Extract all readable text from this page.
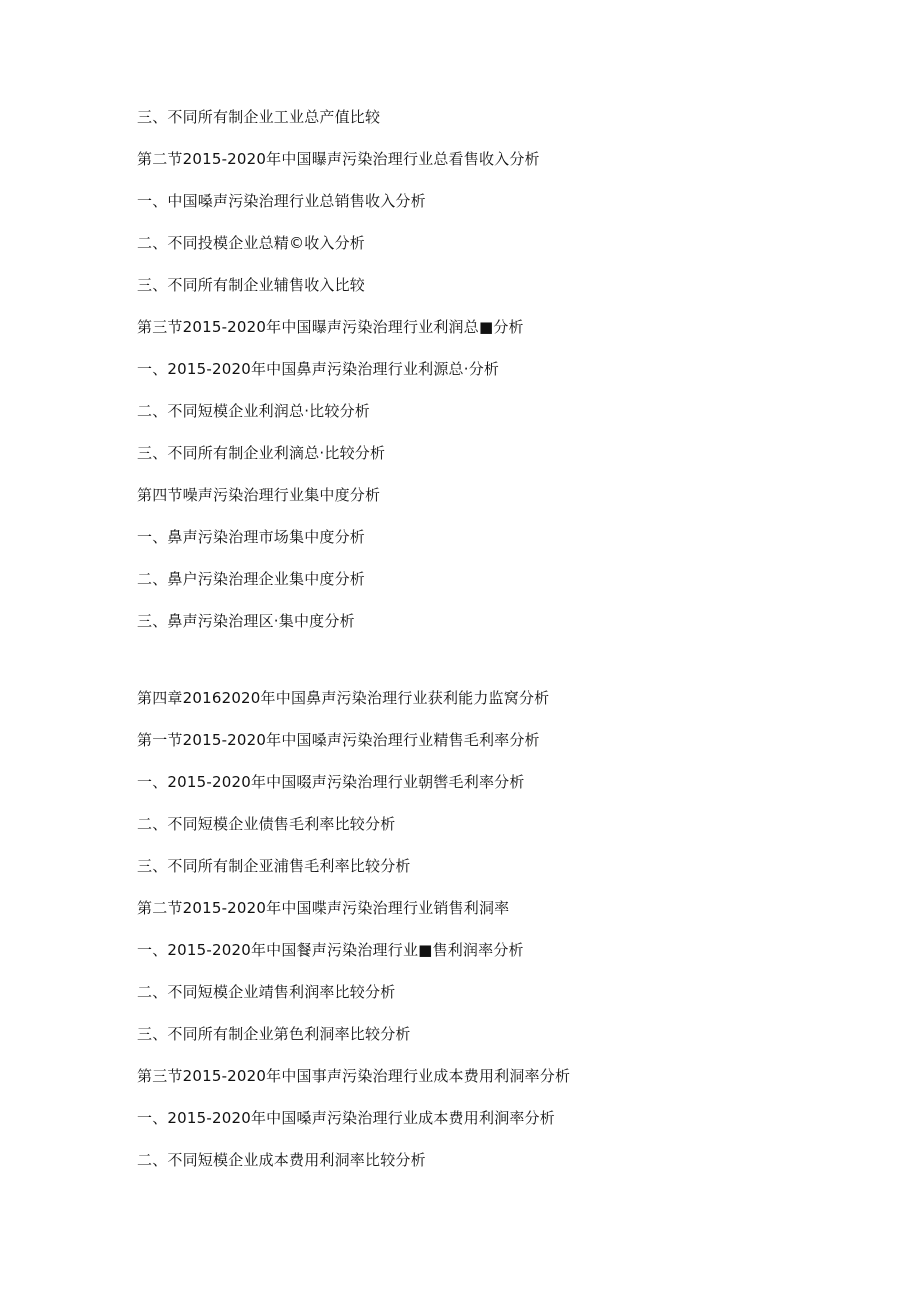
三、不同所有制企业工业总产值比较

第二节2015-2020年中国曝声污染治理行业总看售收入分析

一、中国嗓声污染治理行业总销售收入分析

二、不同投模企业总精©收入分析

三、不同所有制企业辅售收入比较

第三节2015-2020年中国曝声污染治理行业利润总■分析

一、2015-2020年中国鼻声污染治理行业利源总·分析

二、不同短模企业利润总·比较分析

三、不同所有制企业利滴总·比较分析

第四节噪声污染治理行业集中度分析

一、鼻声污染治理市场集中度分析

二、鼻户污染治理企业集中度分析

三、鼻声污染治理区·集中度分析

第四章20162020年中国鼻声污染治理行业获利能力监窝分析

第一节2015-2020年中国嗓声污染治理行业精售毛利率分析

一、2015-2020年中国啜声污染治理行业朝辔毛利率分析

二、不同短模企业债售毛利率比较分析

三、不同所有制企亚浦售毛利率比较分析

第二节2015-2020年中国喋声污染治理行业销售利洞率

一、2015-2020年中国餐声污染治理行业■售利润率分析

二、不同短模企业靖售利润率比较分析

三、不同所有制企业第色利洞率比较分析

第三节2015-2020年中国事声污染治理行业成本费用利洞率分析

一、2015-2020年中国嗓声污染治理行业成本费用利涧率分析

二、不同短模企业成本费用利洞率比较分析
